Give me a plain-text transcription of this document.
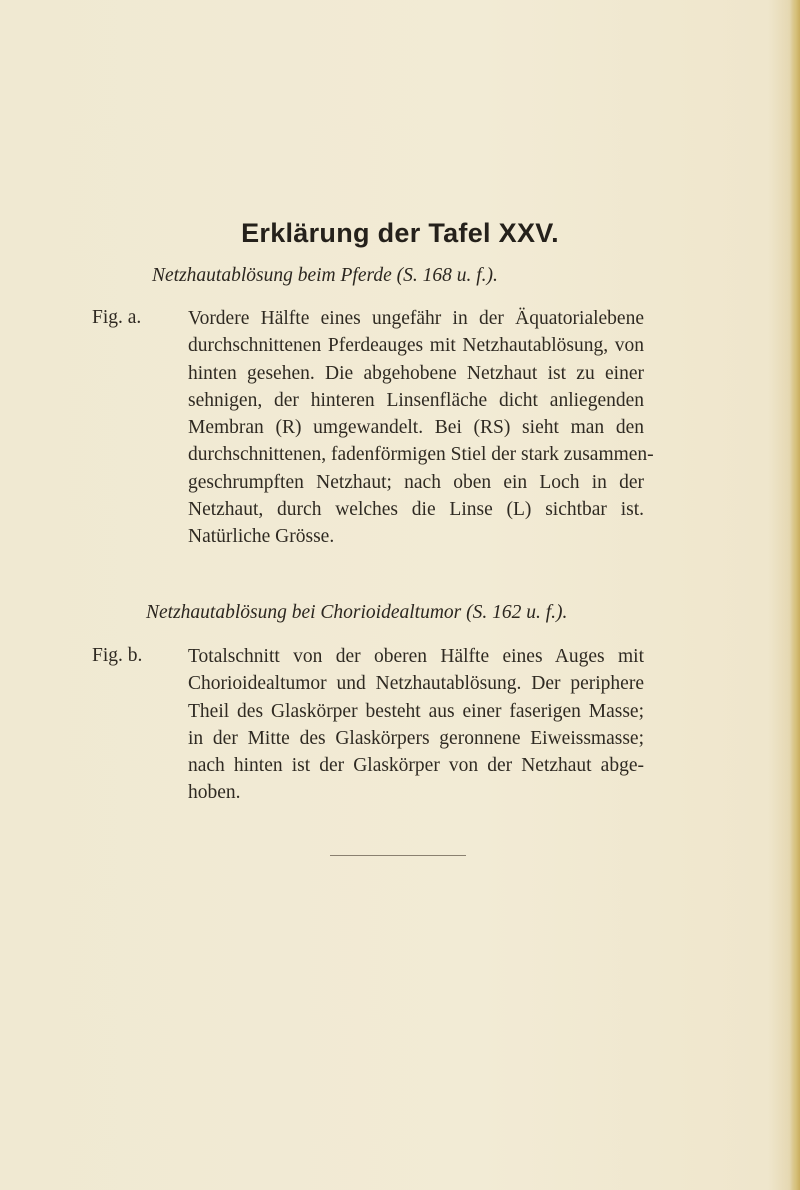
Erklärung der Tafel XXV.
Netzhautablösung beim Pferde (S. 168 u. f.).
Fig. a. Vordere Hälfte eines ungefähr in der Äquatorialebene
durchschnittenen Pferdeauges mit Netzhautablösung, von
hinten gesehen. Die abgehobene Netzhaut ist zu einer
sehnigen, der hinteren Linsenfläche dicht anliegenden
Membran (R) umgewandelt. Bei (RS) sieht man den
durchschnittenen, fadenförmigen Stiel der stark zusammen-
geschrumpften Netzhaut; nach oben ein Loch in der
Netzhaut, durch welches die Linse (L) sichtbar ist.
Natürliche Grösse.
Netzhautablösung bei Chorioidealtumor (S. 162 u. f.).
Fig. b. Totalschnitt von der oberen Hälfte eines Auges mit
Chorioidealtumor und Netzhautablösung. Der periphere
Theil des Glaskörper besteht aus einer faserigen Masse;
in der Mitte des Glaskörpers geronnene Eiweissmasse;
nach hinten ist der Glaskörper von der Netzhaut abge-
hoben.
